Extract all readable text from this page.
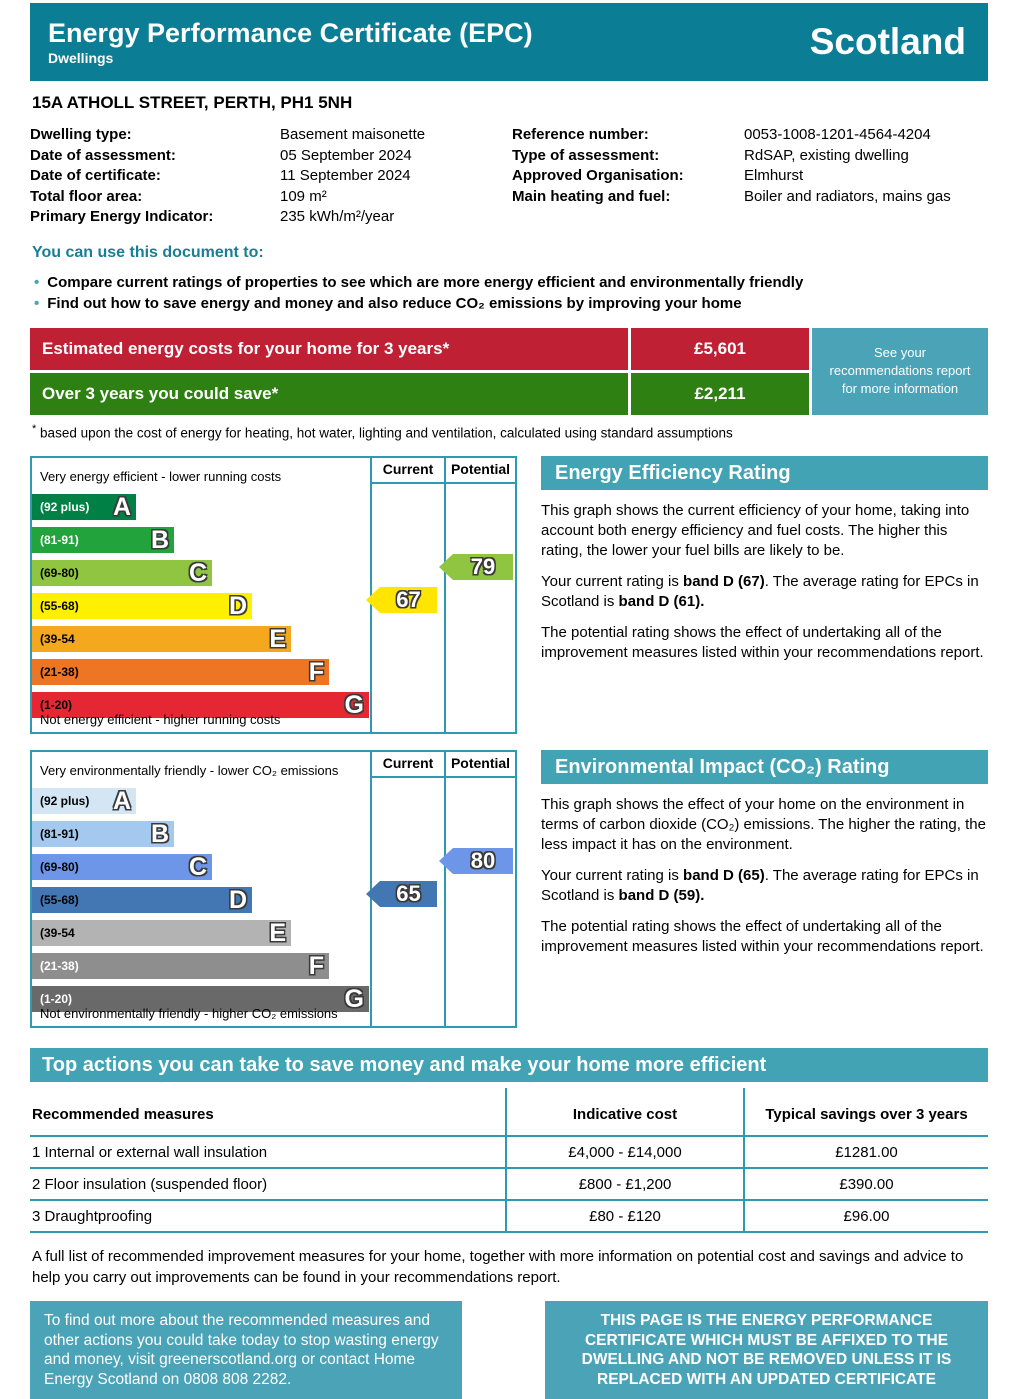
Energy Performance Certificate (EPC)
Dwellings	Scotland
15A ATHOLL STREET, PERTH, PH1 5NH
Dwelling type:	Basement maisonette
Date of assessment:	05 September 2024
Date of certificate:	11 September 2024
Total floor area:	109 m²
Primary Energy Indicator:	235 kWh/m²/year
Reference number:	0053-1008-1201-4564-4204
Type of assessment:	RdSAP, existing dwelling
Approved Organisation:	Elmhurst
Main heating and fuel:	Boiler and radiators, mains gas
You can use this document to:
• Compare current ratings of properties to see which are more energy efficient and environmentally friendly
• Find out how to save energy and money and also reduce CO₂ emissions by improving your home
Estimated energy costs for your home for 3 years*	£5,601	See your recommendations report for more information
Over 3 years you could save*	£2,211
* based upon the cost of energy for heating, hot water, lighting and ventilation, calculated using standard assumptions
Current	Potential
Very energy efficient - lower running costs
(92 plus) A
(81-91)	B
(69-80)	C
(55-68)	D
(39-54	E
(21-38)	F
(1-20)	G
Not energy efficient - higher running costs
67
79
Energy Efficiency Rating

This graph shows the current efficiency of your home, taking into account both energy efficiency and fuel costs. The higher this rating, the lower your fuel bills are likely to be.

Your current rating is band D (67). The average rating for EPCs in Scotland is band D (61).

The potential rating shows the effect of undertaking all of the improvement measures listed within your recommendations report.

Current	Potential
Very environmentally friendly - lower CO₂ emissions
(92 plus) A
(81-91)	B
(69-80)	C
(55-68)	D
(39-54	E
(21-38)	F
(1-20)	G
Not environmentally friendly - higher CO₂ emissions
65
80
Environmental Impact (CO₂) Rating

This graph shows the effect of your home on the environment in terms of carbon dioxide (CO₂) emissions. The higher the rating, the less impact it has on the environment.

Your current rating is band D (65). The average rating for EPCs in Scotland is band D (59).

The potential rating shows the effect of undertaking all of the improvement measures listed within your recommendations report.

Top actions you can take to save money and make your home more efficient
Recommended measures	Indicative cost	Typical savings over 3 years
1 Internal or external wall insulation	£4,000 - £14,000	£1281.00
2 Floor insulation (suspended floor)	£800 - £1,200	£390.00
3 Draughtproofing	£80 - £120	£96.00
A full list of recommended improvement measures for your home, together with more information on potential cost and savings and advice to help you carry out improvements can be found in your recommendations report.
To find out more about the recommended measures and other actions you could take today to stop wasting energy and money, visit greenerscotland.org or contact Home Energy Scotland on 0808 808 2282.
THIS PAGE IS THE ENERGY PERFORMANCE CERTIFICATE WHICH MUST BE AFFIXED TO THE DWELLING AND NOT BE REMOVED UNLESS IT IS REPLACED WITH AN UPDATED CERTIFICATE
